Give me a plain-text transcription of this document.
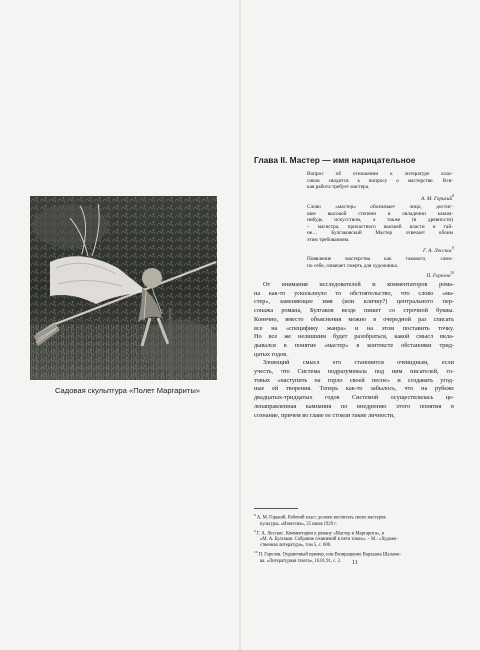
Садовая скульптура «Полет Маргариты»
Глава II. Мастер — имя нарицательное
Вопрос об отношении к литературе клас-
сиков сводится к вопросу о мастерстве. Вся-
кая работа требует мастера.
А. М. Горький$^8$
Слово «мастер» обозначает лицо, достиг-
шее высокой степени в овладении каким-
нибудь искусством, а также (в древности)
– магистра, причастного высшей власти и тай-
не… Булгаковский Мастер отвечает обоим
этим требованиям.
Г. А. Лесскис$^9$
Появление мастерства как такового, само-
по себе, означает смерть для художника.
П. Горелов$^{10}$
От внимания исследователей и комментаторов рома-
на как-то ускользнуло то обстоятельство, что слово «ма-
стер», заменяющее имя (или кличку?) центрального пер-
сонажа романа, Булгаков везде пишет со строчной буквы.
Конечно, вместо объяснения можно в очередной раз спиcать
все на «специфику жанра» и на этом поставить точку.
Но все же нелишним будет разобраться, какой смысл вкла-
дывался в понятие «мастер» в контексте обстановки трид-
цатых годов.
Зловещий смысл его становится очевидным, если
учесть, что Система подразумевала под ним писателей, го-
товых «наступить на горло своей песне» и создавать угод-
ные ей творения. Теперь как-то забылось, что на рубеже
двадцатых-тридцатых годов Системой осуществлялась це-
ленаправленная кампания по внедрению этого понятия в
сознание, причем во главе ее стояли такие личности,
$^8$ А. М. Горький. Рабочий класс должен воспитать своих мастеров
культуры. «Известия», 25 июля 1929 г.
$^9$ Г. А. Лесскис. Комментарии к роману «Мастер и Маргарита», в
«М. А. Булгаков. Собрание сочинений в пяти томах». – М.: «Художе-
ственная литература», том 5, с. 600.
$^{10}$ П. Горелов. Оудивочный пример, или Возвращение Варлаама Шаламо-
ва. «Литературная газета», 16.01.91, с. 2.	11
